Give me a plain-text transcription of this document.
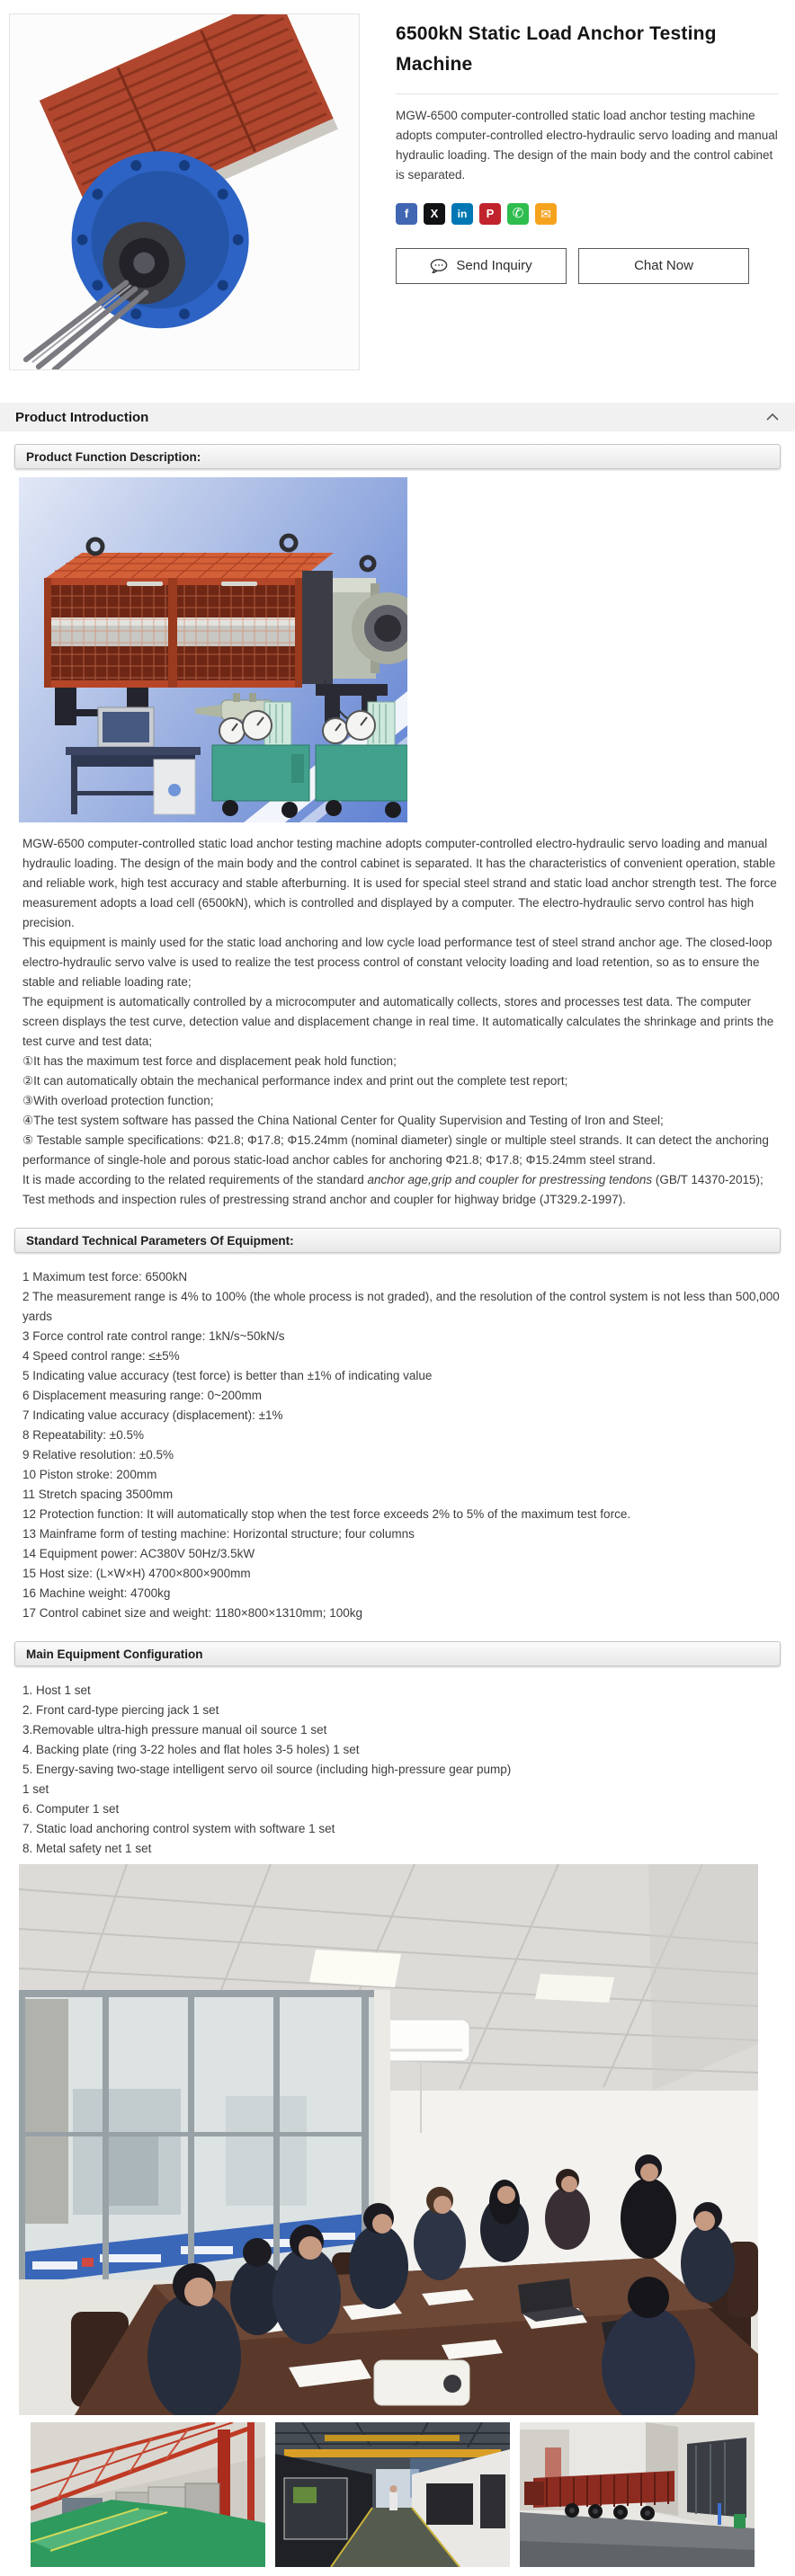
6500kN Static Load Anchor Testing Machine

MGW-6500 computer-controlled static load anchor testing machine adopts computer-controlled electro-hydraulic servo loading and manual hydraulic loading. The design of the main body and the control cabinet is separated.

f	X	in	P	✆	✉
Send Inquiry	Chat Now
Product Introduction
Product Function Description:

MGW-6500 computer-controlled static load anchor testing machine adopts computer-controlled electro-hydraulic servo loading and manual hydraulic loading. The design of the main body and the control cabinet is separated. It has the characteristics of convenient operation, stable and reliable work, high test accuracy and stable afterburning. It is used for special steel strand and static load anchor strength test. The force measurement adopts a load cell (6500kN), which is controlled and displayed by a computer. The electro-hydraulic servo control has high precision.

This equipment is mainly used for the static load anchoring and low cycle load performance test of steel strand anchor age. The closed-loop electro-hydraulic servo valve is used to realize the test process control of constant velocity loading and load retention, so as to ensure the stable and reliable loading rate;

The equipment is automatically controlled by a microcomputer and automatically collects, stores and processes test data. The computer screen displays the test curve, detection value and displacement change in real time. It automatically calculates the shrinkage and prints the test curve and test data;

①It has the maximum test force and displacement peak hold function;

②It can automatically obtain the mechanical performance index and print out the complete test report;

③With overload protection function;

④The test system software has passed the China National Center for Quality Supervision and Testing of Iron and Steel;

⑤ Testable sample specifications: Φ21.8; Φ17.8; Φ15.24mm (nominal diameter) single or multiple steel strands. It can detect the anchoring performance of single-hole and porous static-load anchor cables for anchoring Φ21.8; Φ17.8; Φ15.24mm steel strand.

It is made according to the related requirements of the standard anchor age,grip and coupler for prestressing tendons (GB/T 14370-2015); Test methods and inspection rules of prestressing strand anchor and coupler for highway bridge (JT329.2-1997).

Standard Technical Parameters Of Equipment:
1 Maximum test force: 6500kN
2 The measurement range is 4% to 100% (the whole process is not graded), and the resolution of the control system is not less than 500,000 yards
3 Force control rate control range: 1kN/s~50kN/s
4 Speed control range: ≤±5%
5 Indicating value accuracy (test force) is better than ±1% of indicating value
6 Displacement measuring range: 0~200mm
7 Indicating value accuracy (displacement): ±1%
8 Repeatability: ±0.5%
9 Relative resolution: ±0.5%
10 Piston stroke: 200mm
11 Stretch spacing 3500mm
12 Protection function: It will automatically stop when the test force exceeds 2% to 5% of the maximum test force.
13 Mainframe form of testing machine: Horizontal structure; four columns
14 Equipment power: AC380V 50Hz/3.5kW
15 Host size: (L×W×H) 4700×800×900mm
16 Machine weight: 4700kg
17 Control cabinet size and weight: 1180×800×1310mm; 100kg
Main Equipment Configuration
1. Host 1 set
2. Front card-type piercing jack 1 set
3.Removable ultra-high pressure manual oil source 1 set
4. Backing plate (ring 3-22 holes and flat holes 3-5 holes) 1 set
5. Energy-saving two-stage intelligent servo oil source (including high-pressure gear pump)
1 set
6. Computer 1 set
7. Static load anchoring control system with software 1 set
8. Metal safety net 1 set
